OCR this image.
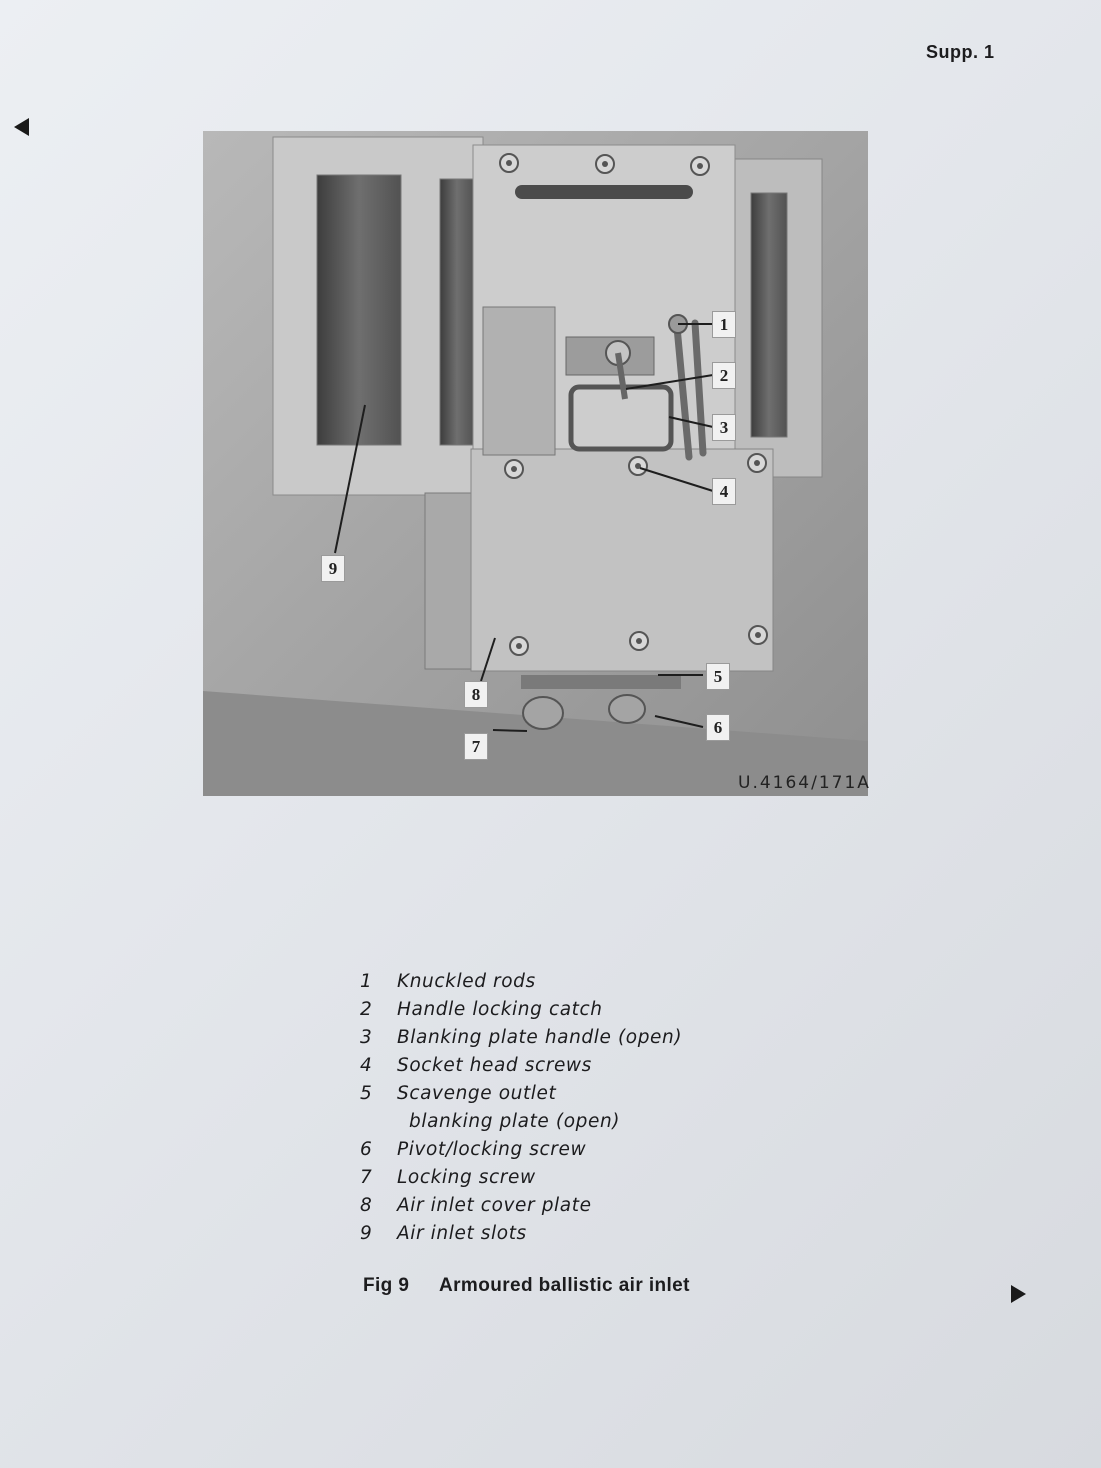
Supp. 1
1
2
3
4
5
6
7
8
9
U.4164/171A
1	Knuckled rods
2	Handle locking catch
3	Blanking plate handle (open)
4	Socket head screws
5	Scavenge outlet
blanking plate (open)
6	Pivot/locking screw
7	Locking screw
8	Air inlet cover plate
9	Air inlet slots
Fig 9 Armoured ballistic air inlet
